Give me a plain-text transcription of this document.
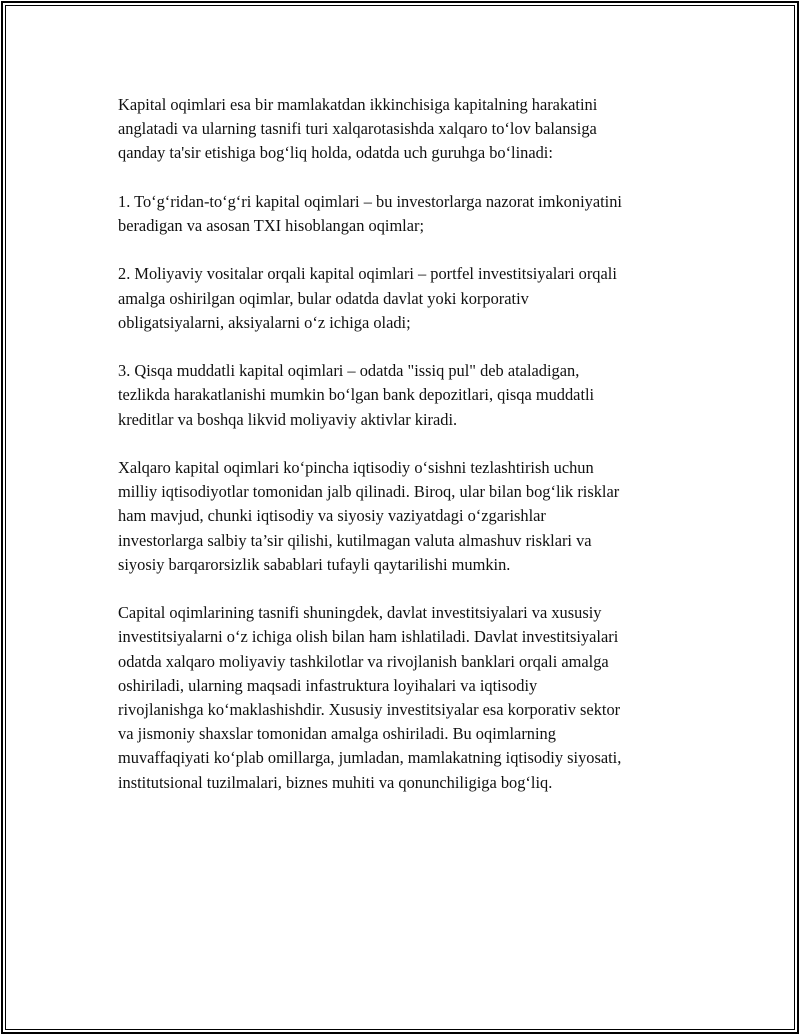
Kapital oqimlari esa bir mamlakatdan ikkinchisiga kapitalning harakatini
anglatadi va ularning tasnifi turi xalqarotasishda xalqaro to‘lov balansiga
qanday ta'sir etishiga bog‘liq holda, odatda uch guruhga bo‘linadi:

1. To‘g‘ridan-to‘g‘ri kapital oqimlari – bu investorlarga nazorat imkoniyatini
beradigan va asosan TXI hisoblangan oqimlar;

2. Moliyaviy vositalar orqali kapital oqimlari – portfel investitsiyalari orqali
amalga oshirilgan oqimlar, bular odatda davlat yoki korporativ
obligatsiyalarni, aksiyalarni o‘z ichiga oladi;

3. Qisqa muddatli kapital oqimlari – odatda "issiq pul" deb ataladigan,
tezlikda harakatlanishi mumkin bo‘lgan bank depozitlari, qisqa muddatli
kreditlar va boshqa likvid moliyaviy aktivlar kiradi.

Xalqaro kapital oqimlari ko‘pincha iqtisodiy o‘sishni tezlashtirish uchun
milliy iqtisodiyotlar tomonidan jalb qilinadi. Biroq, ular bilan bog‘lik risklar
ham mavjud, chunki iqtisodiy va siyosiy vaziyatdagi o‘zgarishlar
investorlarga salbiy ta’sir qilishi, kutilmagan valuta almashuv risklari va
siyosiy barqarorsizlik sabablari tufayli qaytarilishi mumkin.

Capital oqimlarining tasnifi shuningdek, davlat investitsiyalari va xususiy
investitsiyalarni o‘z ichiga olish bilan ham ishlatiladi. Davlat investitsiyalari
odatda xalqaro moliyaviy tashkilotlar va rivojlanish banklari orqali amalga
oshiriladi, ularning maqsadi infastruktura loyihalari va iqtisodiy
rivojlanishga ko‘maklashishdir. Xususiy investitsiyalar esa korporativ sektor
va jismoniy shaxslar tomonidan amalga oshiriladi. Bu oqimlarning
muvaffaqiyati ko‘plab omillarga, jumladan, mamlakatning iqtisodiy siyosati,
institutsional tuzilmalari, biznes muhiti va qonunchiligiga bog‘liq.
